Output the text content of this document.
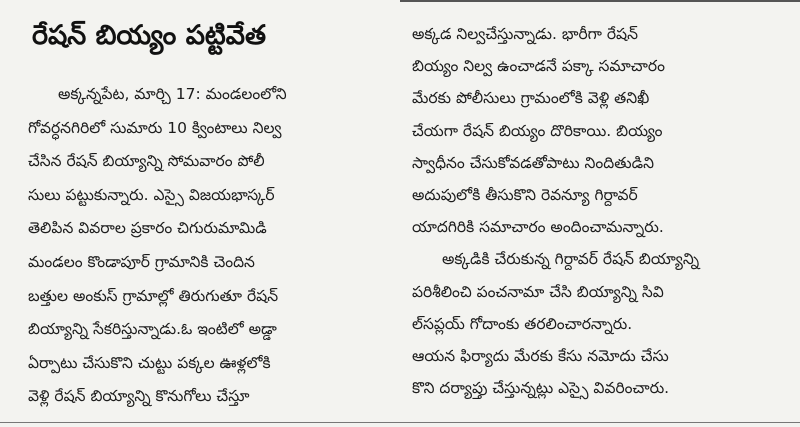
రేషన్ బియ్యం పట్టివేత
అక్కన్నపేట, మార్చి 17: మండలంలోని
గోవర్ధనగిరిలో సుమారు 10 క్వింటాలు నిల్వ
చేసిన రేషన్ బియ్యాన్ని సోమవారం పోలీ
సులు పట్టుకున్నారు. ఎస్సై విజయభాస్కర్
తెలిపిన వివరాల ప్రకారం చిగురుమామిడి
మండలం కొండాపూర్ గ్రామానికి చెందిన
బత్తుల అంకుస్ గ్రామాల్లో తిరుగుతూ రేషన్
బియ్యాన్ని సేకరిస్తున్నాడు.ఓ ఇంటిలో అడ్డా
ఏర్పాటు చేసుకొని చుట్టు పక్కల ఊళ్లలోకి
వెళ్లి రేషన్ బియ్యాన్ని కొనుగోలు చేస్తూ
అక్కడ నిల్వచేస్తున్నాడు. భారీగా రేషన్
బియ్యం నిల్వ ఉంచాడనే పక్కా సమాచారం
మేరకు పోలీసులు గ్రామంలోకి వెళ్లి తనిఖీ
చేయగా రేషన్ బియ్యం దొరికాయి. బియ్యం
స్వాధీనం చేసుకోవడతోపాటు నిందితుడిని
అదుపులోకి తీసుకొని రెవన్యూ గిర్దావర్
యాదగిరికి సమాచారం అందించామన్నారు.
అక్కడికి చేరుకున్న గిర్దావర్ రేషన్ బియ్యాన్ని
పరిశీలించి పంచనామా చేసి బియ్యాన్ని సివి
ల్‌సప్లయ్ గోదాంకు తరలించారన్నారు.
ఆయన ఫిర్యాదు మేరకు కేసు నమోదు చేసు
కొని దర్యాప్తు చేస్తున్నట్లు ఎస్సై వివరించారు.
